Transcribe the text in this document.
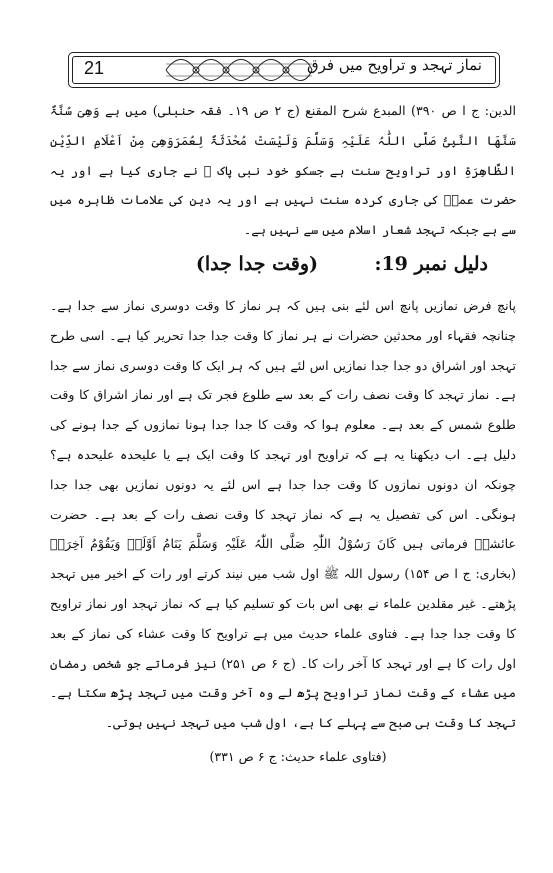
نماز تہجد و تراویح میں فرق
21

الدین: ج ا ص ۳۹۰) المبدع شرح المقنع (ج ۲ ص ۱۹۔ فقہ حنبلی) میں ہے وَھِیَ سُنَّۃٌ سَنَّھَا النَّبِیُّ صَلَّی اللّٰہُ عَلَیْہِ وَسَلَّمَ وَلَیْسَتْ مُحْدَثَۃٌ لِعُمَرَوَھِیَ مِنْ اَعْلَامِ الدِّیْنِ الظَّاھِرَۃِ اور تراویح سنت ہے جسکو خود نبی پاک ﷺ نے جاری کیا ہے اور یہ حضرت عمرؓ کی جاری کردہ سنت نہیں ہے اور یہ دین کی علامات ظاہرہ میں سے ہے جبکہ تہجد شعار اسلام میں سے نہیں ہے۔

دلیل نمبر 19:
(وقت جدا جدا)

پانچ فرض نمازیں پانچ اس لئے بنی ہیں کہ ہر نماز کا وقت دوسری نماز سے جدا ہے۔ چنانچہ فقہاء اور محدثین حضرات نے ہر نماز کا وقت جدا جدا تحریر کیا ہے۔ اسی طرح تہجد اور اشراق دو جدا جدا نمازیں اس لئے ہیں کہ ہر ایک کا وقت دوسری نماز سے جدا ہے۔ نماز تہجد کا وقت نصف رات کے بعد سے طلوع فجر تک ہے اور نماز اشراق کا وقت طلوع شمس کے بعد ہے۔ معلوم ہوا کہ وقت کا جدا جدا ہونا نمازوں کے جدا ہونے کی دلیل ہے۔ اب دیکھنا یہ ہے کہ تراویح اور تہجد کا وقت ایک ہے یا علیحدہ علیحدہ ہے؟ چونکہ ان دونوں نمازوں کا وقت جدا جدا ہے اس لئے یہ دونوں نمازیں بھی جدا جدا ہونگی۔ اس کی تفصیل یہ ہے کہ نماز تہجد کا وقت نصف رات کے بعد ہے۔ حضرت عائشہؓ فرماتی ہیں کَانَ رَسُوْلُ اللّٰہِ صَلَّی اللّٰہُ عَلَیْہِ وَسَلَّمَ یَنَامُ اَوَّلَہٗ وَیَقُوْمُ آخِرَہٗ (بخاری: ج ا ص ۱۵۴) رسول اللہ ﷺ اول شب میں نیند کرتے اور رات کے اخیر میں تہجد پڑھتے۔ غیر مقلدین علماء نے بھی اس بات کو تسلیم کیا ہے کہ نماز تہجد اور نماز تراویح کا وقت جدا جدا ہے۔ فتاوی علماء حدیث میں ہے تراویح کا وقت عشاء کی نماز کے بعد اول رات کا ہے اور تہجد کا آخر رات کا۔ (ج ۶ ص ۲۵۱) نیز فرماتے جو شخص رمضان میں عشاء کے وقت نماز تراویح پڑھ لے وہ آخر وقت میں تہجد پڑھ سکتا ہے۔ تہجد کا وقت ہی صبح سے پہلے کا ہے، اول شب میں تہجد نہیں ہوتی۔

(فتاوی علماء حدیث: ج ۶ ص ۳۳۱)
